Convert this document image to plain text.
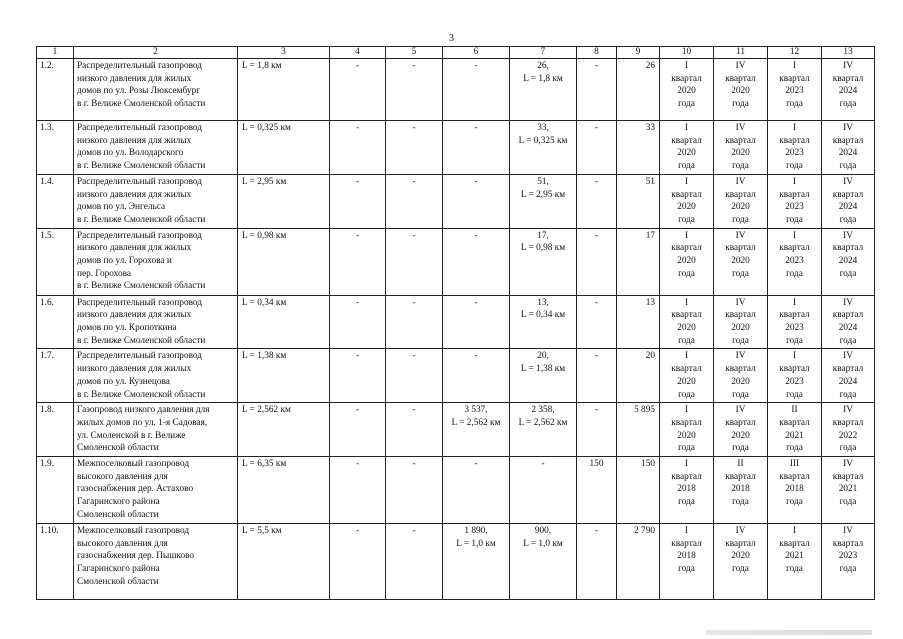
3
1	2	3	4	5	6	7	8	9	10	11	12	13
1.2.	Распределительный газопровод
низкого давления для жилых
домов по ул. Розы Люксембург
в г. Велиже Смоленской области	L = 1,8 км	-	-	-	26,
L = 1,8 км	-	26	I
квартал
2020
года	IV
квартал
2020
года	I
квартал
2023
года	IV
квартал
2024
года
1.3.	Распределительный газопровод
низкого давления для жилых
домов по ул. Володарского
в г. Велиже Смоленской области	L = 0,325 км	-	-	-	33,
L = 0,325 км	-	33	I
квартал
2020
года	IV
квартал
2020
года	I
квартал
2023
года	IV
квартал
2024
года
1.4.	Распределительный газопровод
низкого давления для жилых
домов по ул. Энгельса
в г. Велиже Смоленской области	L = 2,95 км	-	-	-	51,
L = 2,95 км	-	51	I
квартал
2020
года	IV
квартал
2020
года	I
квартал
2023
года	IV
квартал
2024
года
1.5.	Распределительный газопровод
низкого давления для жилых
домов по ул. Горохова и
пер. Горохова
в г. Велиже Смоленской области	L = 0,98 км	-	-	-	17,
L = 0,98 км	-	17	I
квартал
2020
года	IV
квартал
2020
года	I
квартал
2023
года	IV
квартал
2024
года
1.6.	Распределительный газопровод
низкого давления для жилых
домов по ул. Кропоткина
в г. Велиже Смоленской области	L = 0,34 км	-	-	-	13,
L = 0,34 км	-	13	I
квартал
2020
года	IV
квартал
2020
года	I
квартал
2023
года	IV
квартал
2024
года
1.7.	Распределительный газопровод
низкого давления для жилых
домов по ул. Кузнецова
в г. Велиже Смоленской области	L = 1,38 км	-	-	-	20,
L = 1,38 км	-	20	I
квартал
2020
года	IV
квартал
2020
года	I
квартал
2023
года	IV
квартал
2024
года
1.8.	Газопровод низкого давления для
жилых домов по ул. 1-я Садовая,
ул. Смоленской в г. Велиже
Смоленской области	L = 2,562 км	-	-	3 537,
L = 2,562 км	2 358,
L = 2,562 км	-	5 895	I
квартал
2020
года	IV
квартал
2020
года	II
квартал
2021
года	IV
квартал
2022
года
1.9.	Межпоселковый газопровод
высокого давления для
газоснабжения дер. Астахово
Гагаринского района
Смоленской области	L = 6,35 км	-	-	-	-	150	150	I
квартал
2018
года	II
квартал
2018
года	III
квартал
2018
года	IV
квартал
2021
года
1.10.	Межпоселковый газопровод
высокого давления для
газоснабжения дер. Пышково
Гагаринского района
Смоленской области	L = 5,5 км	-	-	1 890,
L = 1,0 км	900,
L = 1,0 км	-	2 790	I
квартал
2018
года	IV
квартал
2020
года	I
квартал
2021
года	IV
квартал
2023
года
